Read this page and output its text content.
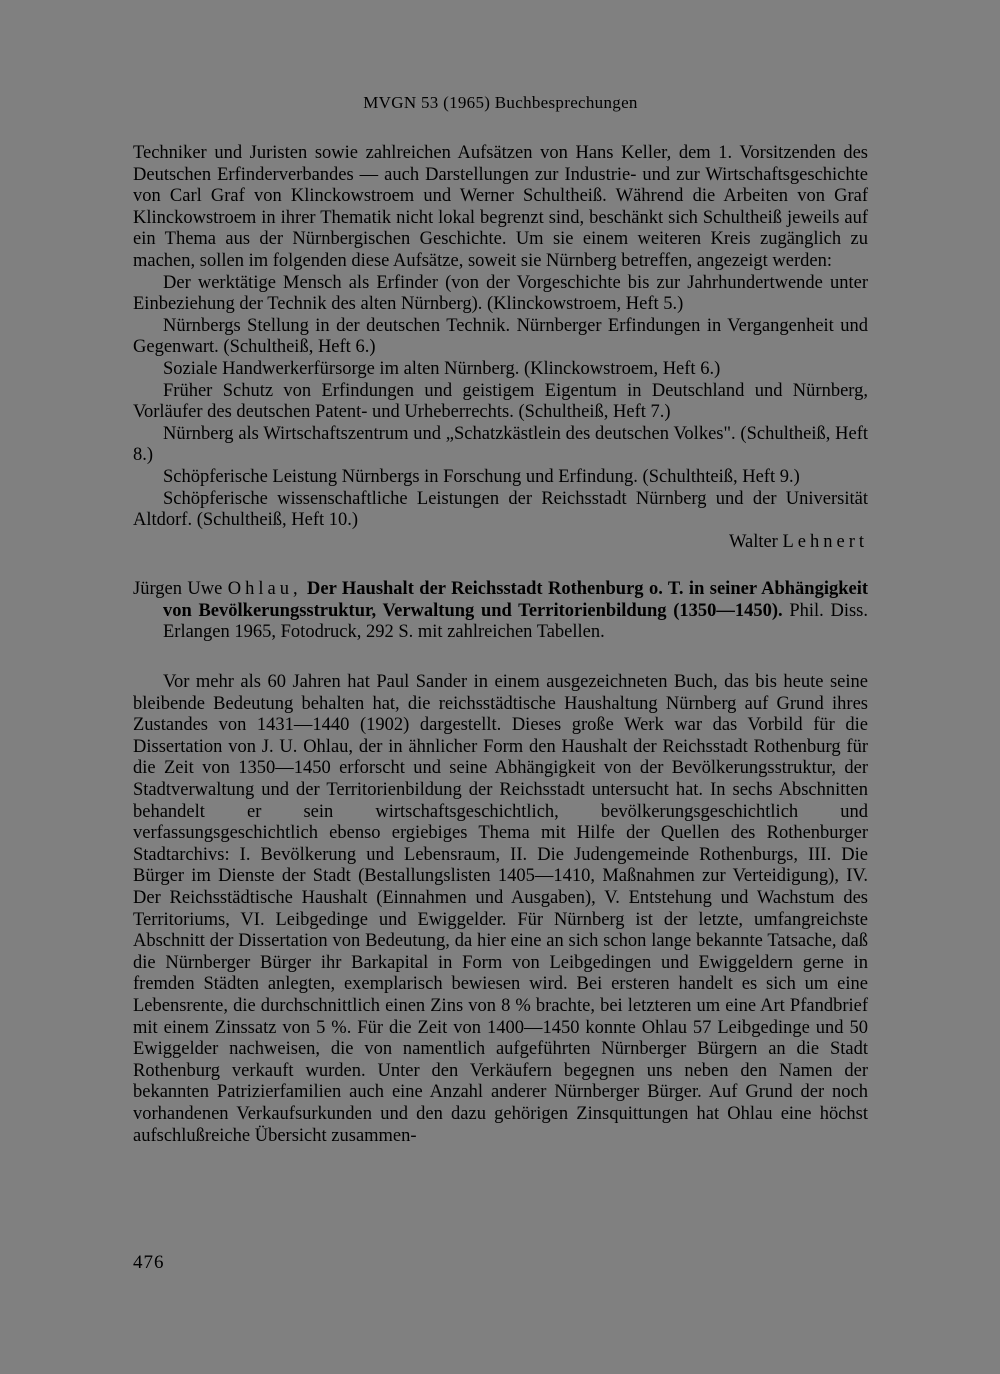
MVGN 53 (1965) Buchbesprechungen

Techniker und Juristen sowie zahlreichen Aufsätzen von Hans Keller, dem 1. Vorsitzenden des Deutschen Erfinderverbandes — auch Darstellungen zur Industrie- und zur Wirtschaftsgeschichte von Carl Graf von Klinckowstroem und Werner Schultheiß. Während die Arbeiten von Graf Klinckowstroem in ihrer Thematik nicht lokal begrenzt sind, beschänkt sich Schultheiß jeweils auf ein Thema aus der Nürnbergischen Geschichte. Um sie einem weiteren Kreis zugänglich zu machen, sollen im folgenden diese Aufsätze, soweit sie Nürnberg betreffen, angezeigt werden:

Der werktätige Mensch als Erfinder (von der Vorgeschichte bis zur Jahrhundertwende unter Einbeziehung der Technik des alten Nürnberg). (Klinckowstroem, Heft 5.)

Nürnbergs Stellung in der deutschen Technik. Nürnberger Erfindungen in Vergangenheit und Gegenwart. (Schultheiß, Heft 6.)

Soziale Handwerkerfürsorge im alten Nürnberg. (Klinckowstroem, Heft 6.)

Früher Schutz von Erfindungen und geistigem Eigentum in Deutschland und Nürnberg, Vorläufer des deutschen Patent- und Urheberrechts. (Schultheiß, Heft 7.)

Nürnberg als Wirtschaftszentrum und „Schatzkästlein des deutschen Volkes". (Schultheiß, Heft 8.)

Schöpferische Leistung Nürnbergs in Forschung und Erfindung. (Schulthteiß, Heft 9.)

Schöpferische wissenschaftliche Leistungen der Reichsstadt Nürnberg und der Universität Altdorf. (Schultheiß, Heft 10.)

Walter Lehnert

Jürgen Uwe Ohlau, Der Haushalt der Reichsstadt Rothenburg o. T. in seiner Abhängigkeit von Bevölkerungsstruktur, Verwaltung und Territorienbildung (1350—1450). Phil. Diss. Erlangen 1965, Fotodruck, 292 S. mit zahlreichen Tabellen.

Vor mehr als 60 Jahren hat Paul Sander in einem ausgezeichneten Buch, das bis heute seine bleibende Bedeutung behalten hat, die reichsstädtische Haushaltung Nürnberg auf Grund ihres Zustandes von 1431—1440 (1902) dargestellt. Dieses große Werk war das Vorbild für die Dissertation von J. U. Ohlau, der in ähnlicher Form den Haushalt der Reichsstadt Rothenburg für die Zeit von 1350—1450 erforscht und seine Abhängigkeit von der Bevölkerungsstruktur, der Stadtverwaltung und der Territorienbildung der Reichsstadt untersucht hat. In sechs Abschnitten behandelt er sein wirtschaftsgeschichtlich, bevölkerungsgeschichtlich und verfassungsgeschichtlich ebenso ergiebiges Thema mit Hilfe der Quellen des Rothenburger Stadtarchivs: I. Bevölkerung und Lebensraum, II. Die Judengemeinde Rothenburgs, III. Die Bürger im Dienste der Stadt (Bestallungslisten 1405—1410, Maßnahmen zur Verteidigung), IV. Der Reichsstädtische Haushalt (Einnahmen und Ausgaben), V. Entstehung und Wachstum des Territoriums, VI. Leibgedinge und Ewiggelder. Für Nürnberg ist der letzte, umfangreichste Abschnitt der Dissertation von Bedeutung, da hier eine an sich schon lange bekannte Tatsache, daß die Nürnberger Bürger ihr Barkapital in Form von Leibgedingen und Ewiggeldern gerne in fremden Städten anlegten, exemplarisch bewiesen wird. Bei ersteren handelt es sich um eine Lebensrente, die durchschnittlich einen Zins von 8 % brachte, bei letzteren um eine Art Pfandbrief mit einem Zinssatz von 5 %. Für die Zeit von 1400—1450 konnte Ohlau 57 Leibgedinge und 50 Ewiggelder nachweisen, die von namentlich aufgeführten Nürnberger Bürgern an die Stadt Rothenburg verkauft wurden. Unter den Verkäufern begegnen uns neben den Namen der bekannten Patrizierfamilien auch eine Anzahl anderer Nürnberger Bürger. Auf Grund der noch vorhandenen Verkaufsurkunden und den dazu gehörigen Zinsquittungen hat Ohlau eine höchst aufschlußreiche Übersicht zusammen-

476
